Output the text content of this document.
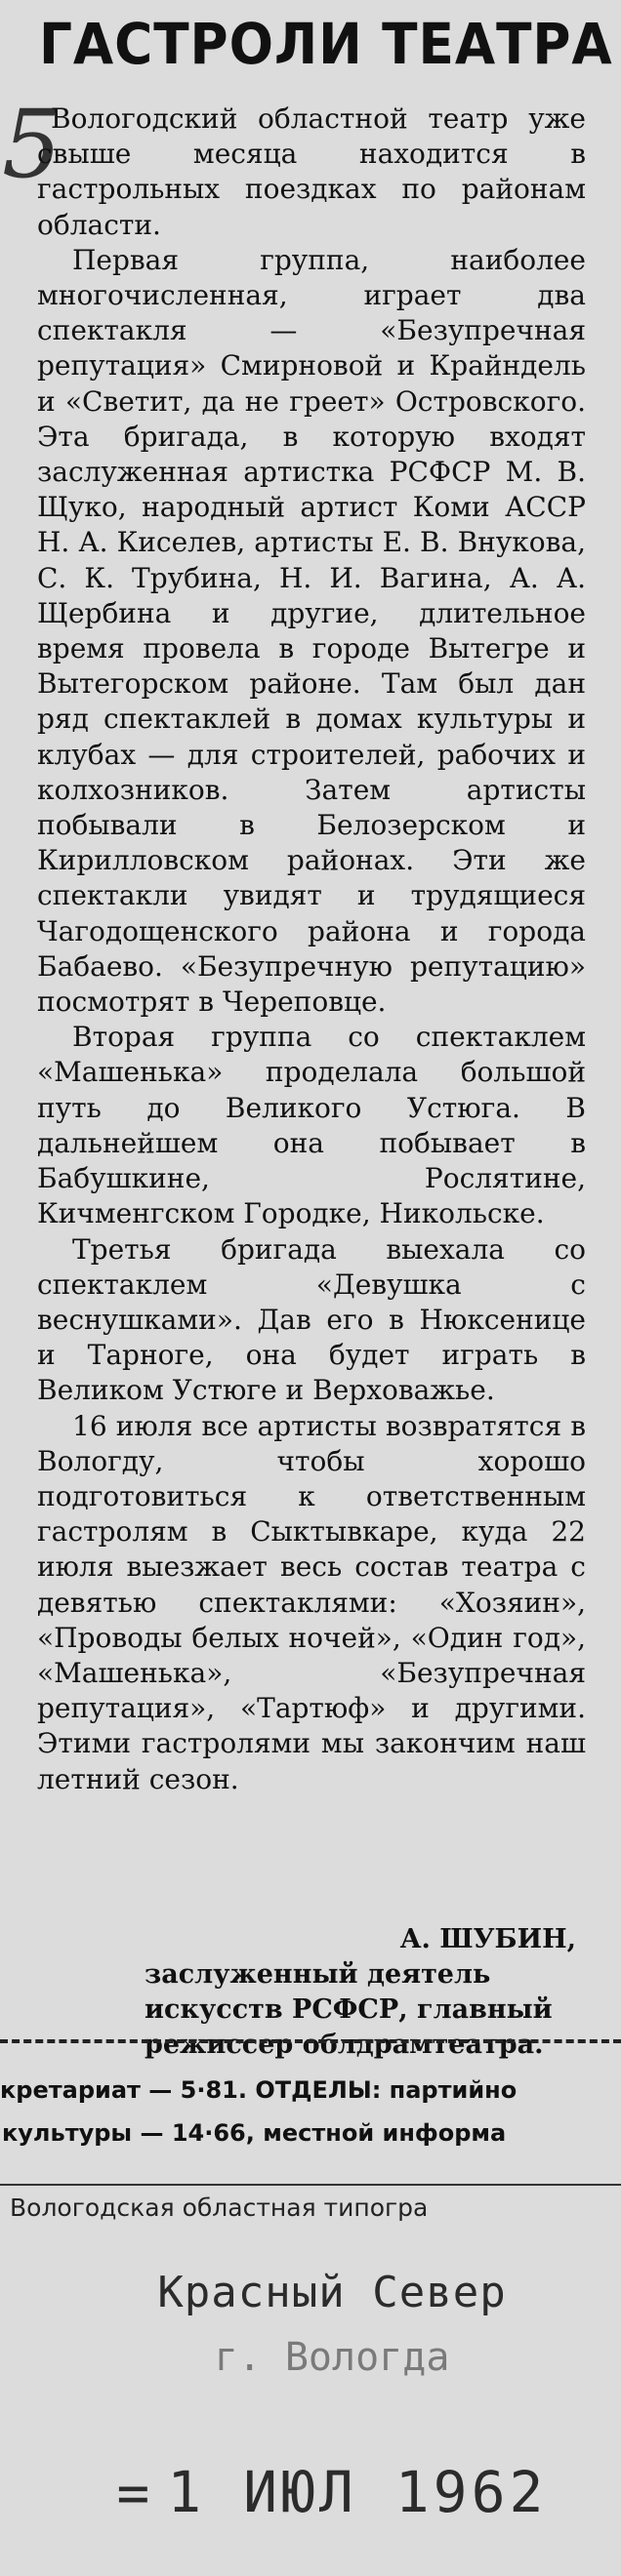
ГАСТРОЛИ ТЕАТРА
5

Вологодский областной театр уже свыше месяца находится в гастрольных поездках по районам области.

Первая группа, наиболее многочисленная, играет два спектакля — «Безупречная репутация» Смирновой и Крайндель и «Светит, да не греет» Островского. Эта бригада, в которую входят заслуженная артистка РСФСР М. В. Щуко, народный артист Коми АССР Н. А. Киселев, артисты Е. В. Внукова, С. К. Трубина, Н. И. Вагина, А. А. Щербина и другие, длительное время провела в городе Вытегре и Вытегорском районе. Там был дан ряд спектаклей в домах культуры и клубах — для строителей, рабочих и колхозников. Затем артисты побывали в Белозерском и Кирилловском районах. Эти же спектакли увидят и трудящиеся Чагодощенского района и города Бабаево. «Безупречную репутацию» посмотрят в Череповце.

Вторая группа со спектаклем «Машенька» проделала большой путь до Великого Устюга. В дальнейшем она побывает в Бабушкине, Рослятине, Кичменгском Городке, Никольске.

Третья бригада выехала со спектаклем «Девушка с веснушками». Дав его в Нюксенице и Тарноге, она будет играть в Великом Устюге и Верховажье.

16 июля все артисты возвратятся в Вологду, чтобы хорошо подготовиться к ответственным гастролям в Сыктывкаре, куда 22 июля выезжает весь состав театра с девятью спектаклями: «Хозяин», «Проводы белых ночей», «Один год», «Машенька», «Безупречная репутация», «Тартюф» и другими. Этими гастролями мы закончим наш летний сезон.

А. ШУБИН,
заслуженный деятель искусств РСФСР, главный режиссер облдрамтеатра.
кретариат — 5·81. ОТДЕЛЫ: партийно
культуры — 14·66, местной информа
Вологодская областная типогра
Красный Север
г. Вологда
= 1 ИЮЛ 1962
